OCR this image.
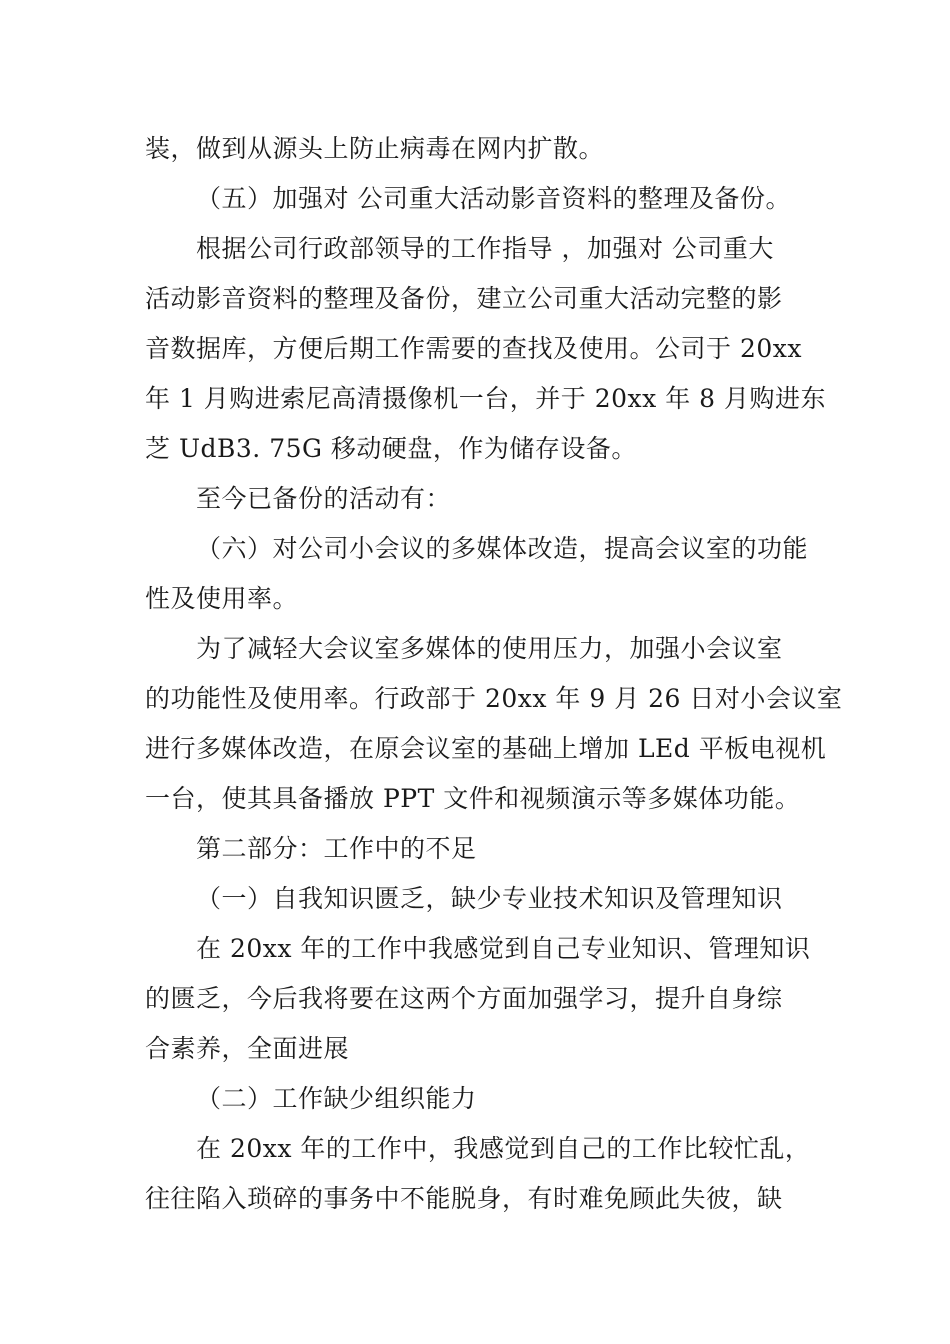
装，做到从源头上防止病毒在网内扩散。
（五）加强对 公司重大活动影音资料的整理及备份。
根据公司行政部领导的工作指导 ，加强对 公司重大
活动影音资料的整理及备份，建立公司重大活动完整的影
音数据库，方便后期工作需要的查找及使用。公司于 20xx
年 1 月购进索尼高清摄像机一台，并于 20xx 年 8 月购进东
芝 UdB3. 75G 移动硬盘，作为储存设备。
至今已备份的活动有：
（六）对公司小会议的多媒体改造，提高会议室的功能
性及使用率。
为了减轻大会议室多媒体的使用压力，加强小会议室
的功能性及使用率。行政部于 20xx 年 9 月 26 日对小会议室
进行多媒体改造，在原会议室的基础上增加 LEd 平板电视机
一台，使其具备播放 PPT 文件和视频演示等多媒体功能。
第二部分：工作中的不足
（一）自我知识匮乏，缺少专业技术知识及管理知识
在 20xx 年的工作中我感觉到自己专业知识、管理知识
的匮乏，今后我将要在这两个方面加强学习，提升自身综
合素养，全面进展
（二）工作缺少组织能力
在 20xx 年的工作中，我感觉到自己的工作比较忙乱，
往往陷入琐碎的事务中不能脱身，有时难免顾此失彼，缺
